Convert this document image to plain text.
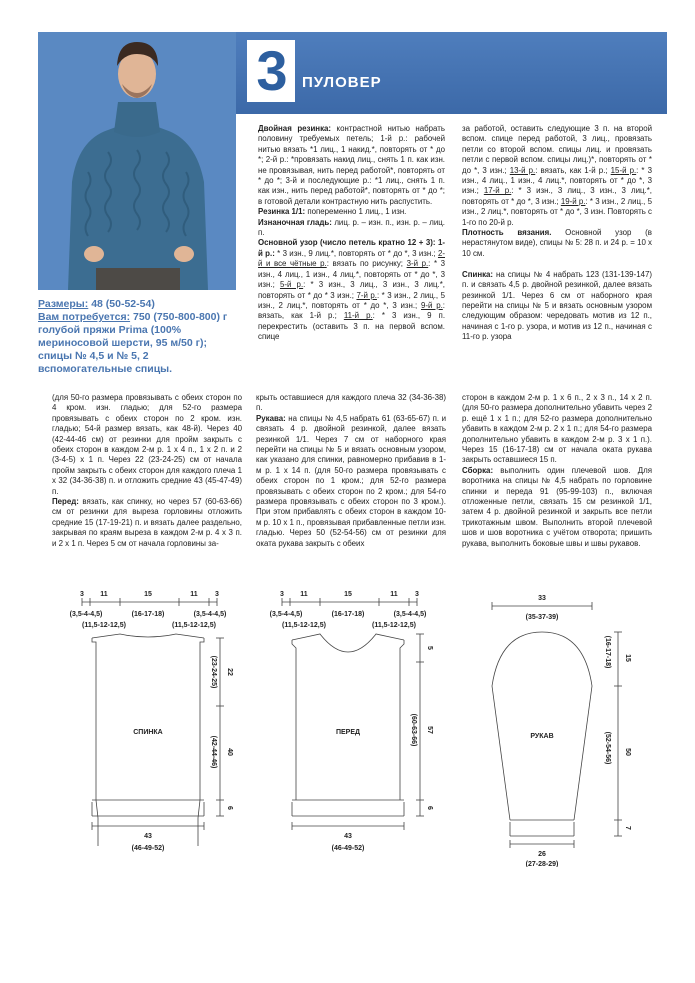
3 ПУЛОВЕР
Размеры: 48 (50-52-54)
Вам потребуется: 750 (750-800-800) г голубой пряжи Prima (100% мериносовой шерсти, 95 м/50 г); спицы № 4,5 и № 5, 2 вспомогательные спицы.

Двойная резинка: контрастной нитью набрать половину требуемых петель; 1-й р.: рабочей нитью вязать *1 лиц., 1 накид.*, повторять от * до *; 2-й р.: *провязать накид лиц., снять 1 п. как изн. не провязывая, нить перед работой*, повторять от * до *; 3-й и последующие р.: *1 лиц., снять 1 п. как изн., нить перед работой*, повторять от * до *; в готовой детали контрастную нить распустить.
Резинка 1/1: попеременно 1 лиц., 1 изн.
Изнаночная гладь: лиц. р. – изн. п., изн. р. – лиц. п.
Основной узор (число петель кратно 12 + 3): 1-й р.: * 3 изн., 9 лиц.*, повторять от * до *, 3 изн.; 2-й и все чётные р.: вязать по рисунку; 3-й р.: * 3 изн., 4 лиц., 1 изн., 4 лиц.*, повторять от * до *, 3 изн.; 5-й р.: * 3 изн., 3 лиц., 3 изн., 3 лиц.*, повторять от * до * 3 изн.; 7-й р.: * 3 изн., 2 лиц., 5 изн., 2 лиц.*, повторять от * до *, 3 изн.; 9-й р.: вязать, как 1-й р.; 11-й р.: * 3 изн., 9 п. перекрестить (оставить 3 п. на первой вспом. спице

за работой, оставить следующие 3 п. на второй вспом. спице перед работой, 3 лиц., провязать петли со второй вспом. спицы лиц. и провязать петли с первой вспом. спицы лиц.)*, повторять от * до *, 3 изн.; 13-й р.: вязать, как 1-й р.; 15-й р.: * 3 изн., 4 лиц., 1 изн., 4 лиц.*, повторять от * до *, 3 изн.; 17-й р.: * 3 изн., 3 лиц., 3 изн., 3 лиц.*, повторять от * до *, 3 изн.; 19-й р.: * 3 изн., 2 лиц., 5 изн., 2 лиц.*, повторять от * до *, 3 изн. Повторять с 1-го по 20-й р.
Плотность вязания. Основной узор (в нерастянутом виде), спицы № 5: 28 п. и 24 р. = 10 х 10 см.

Спинка: на спицы № 4 набрать 123 (131-139-147) п. и связать 4,5 р. двойной резинкой, далее вязать резинкой 1/1. Через 6 см от наборного края перейти на спицы № 5 и вязать основным узором следующим образом: чередовать мотив из 12 п., начиная с 1-го р. узора, и мотив из 12 п., начиная с 11-го р. узора

(для 50-го размера провязывать с обеих сторон по 4 кром. изн. гладью; для 52-го размера провязывать с обеих сторон по 2 кром. изн. гладью; 54-й размер вязать, как 48-й). Через 40 (42-44-46 см) от резинки для пройм закрыть с обеих сторон в каждом 2-м р. 1 х 4 п., 1 х 2 п. и 2 (3-4-5) х 1 п. Через 22 (23-24-25) см от начала пройм закрыть с обеих сторон для каждого плеча 1 х 32 (34-36-38) п. и отложить средние 43 (45-47-49) п.
Перед: вязать, как спинку, но через 57 (60-63-66) см от резинки для выреза горловины отложить средние 15 (17-19-21) п. и вязать далее раздельно, закрывая по краям выреза в каждом 2-м р. 4 х 3 п. и 2 х 1 п. Через 5 см от начала горловины за-

крыть оставшиеся для каждого плеча 32 (34-36-38) п.
Рукава: на спицы № 4,5 набрать 61 (63-65-67) п. и связать 4 р. двойной резинкой, далее вязать резинкой 1/1. Через 7 см от наборного края перейти на спицы № 5 и вязать основным узором, как указано для спинки, равномерно прибавив в 1-м р. 1 х 14 п. (для 50-го размера провязывать с обеих сторон по 1 кром.; для 52-го размера провязывать с обеих сторон по 2 кром.; для 54-го размера провязывать с обеих сторон по 3 кром.). При этом прибавлять с обеих сторон в каждом 10-м р. 10 х 1 п., провязывая прибавленные петли изн. гладью. Через 50 (52-54-56) см от резинки для оката рукава закрыть с обеих

сторон в каждом 2-м р. 1 х 6 п., 2 х 3 п., 14 х 2 п. (для 50-го размера дополнительно убавить через 2 р. ещё 1 х 1 п.; для 52-го размера дополнительно убавить в каждом 2-м р. 2 х 1 п.; для 54-го размера дополнительно убавить в каждом 2-м р. 3 х 1 п.). Через 15 (16-17-18) см от начала оката рукава закрыть оставшиеся 15 п.
Сборка: выполнить один плечевой шов. Для воротника на спицы № 4,5 набрать по горловине спинки и переда 91 (95-99-103) п., включая отложенные петли, связать 15 см резинкой 1/1, затем 4 р. двойной резинкой и закрыть все петли трикотажным швом. Выполнить второй плечевой шов и шов воротника с учётом отворота; пришить рукава, выполнить боковые швы и швы рукавов.

3 11	15	11 3
(3,5-4-4,5)	(16-17-18)	(3,5-4-4,5)
(11,5-12-12,5)	(11,5-12-12,5)
СПИНКА
22
(23-24-25)
40
(42-44-46)
6
43
(46-49-52)
3 11	15	11 3
(3,5-4-4,5)	(16-17-18)	(3,5-4-4,5)
(11,5-12-12,5)	(11,5-12-12,5)
ПЕРЕД
5
57
(60-63-66)
6
43
(46-49-52)
33
(35-37-39)
РУКАВ
15
(16-17-18)
50
(52-54-56)
7
26
(27-28-29)
